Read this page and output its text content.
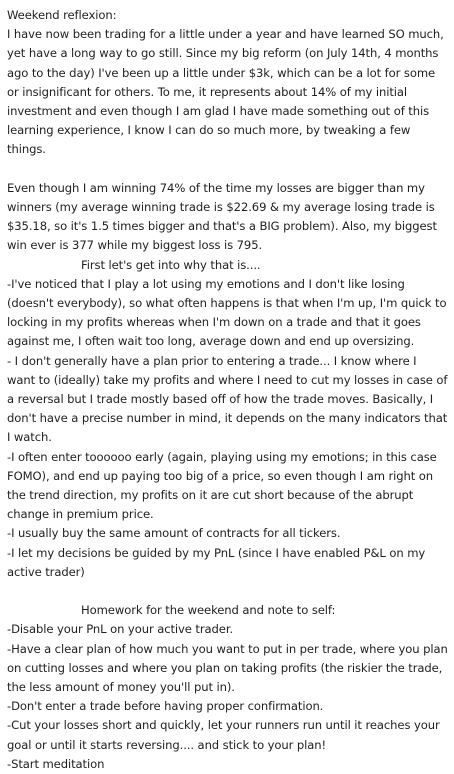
Weekend reflexion:

I have now been trading for a little under a year and have learned SO much, yet have a long way to go still. Since my big reform (on July 14th, 4 months ago to the day) I've been up a little under $3k, which can be a lot for some or insignificant for others. To me, it represents about 14% of my initial investment and even though I am glad I have made something out of this learning experience, I know I can do so much more, by tweaking a few things.

Even though I am winning 74% of the time my losses are bigger than my winners (my average winning trade is $22.69 & my average losing trade is $35.18, so it's 1.5 times bigger and that's a BIG problem). Also, my biggest win ever is 377 while my biggest loss is 795.

First let's get into why that is....

-I've noticed that I play a lot using my emotions and I don't like losing (doesn't everybody), so what often happens is that when I'm up, I'm quick to locking in my profits whereas when I'm down on a trade and that it goes against me, I often wait too long, average down and end up oversizing.

- I don't generally have a plan prior to entering a trade... I know where I want to (ideally) take my profits and where I need to cut my losses in case of a reversal but I trade mostly based off of how the trade moves. Basically, I don't have a precise number in mind, it depends on the many indicators that I watch.

-I often enter toooooo early (again, playing using my emotions; in this case FOMO), and end up paying too big of a price, so even though I am right on the trend direction, my profits on it are cut short because of the abrupt change in premium price.

-I usually buy the same amount of contracts for all tickers.

-I let my decisions be guided by my PnL (since I have enabled P&L on my active trader)

Homework for the weekend and note to self:

-Disable your PnL on your active trader.

-Have a clear plan of how much you want to put in per trade, where you plan on cutting losses and where you plan on taking profits (the riskier the trade, the less amount of money you'll put in).

-Don't enter a trade before having proper confirmation.

-Cut your losses short and quickly, let your runners run until it reaches your goal or until it starts reversing.... and stick to your plan!

-Start meditation
